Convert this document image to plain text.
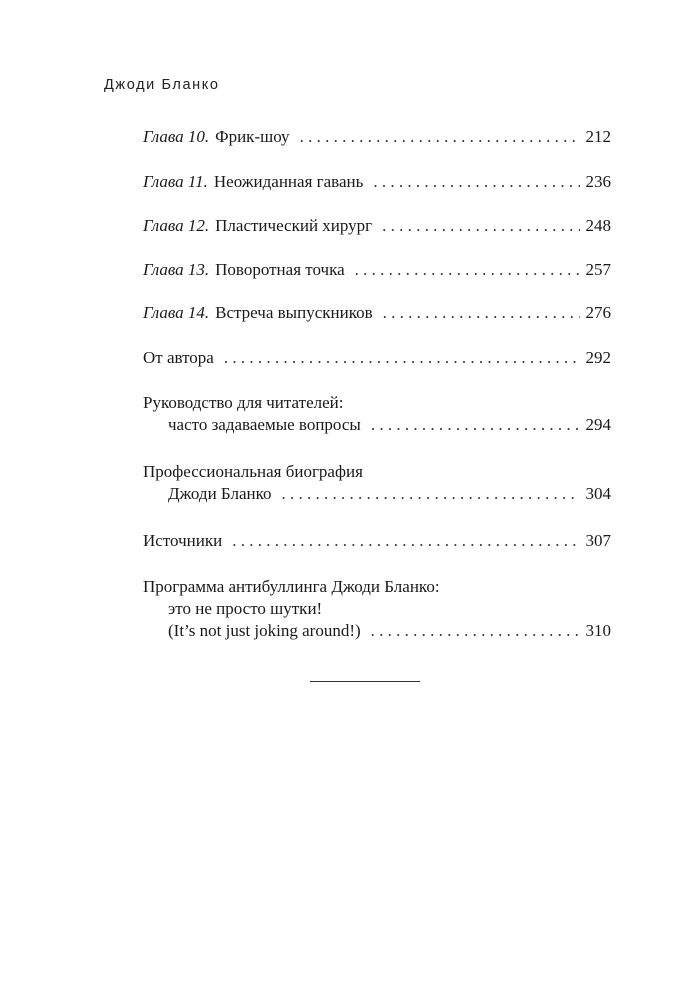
Джоди Бланко
Глава 10. Фрик-шоу . . .	212
Глава 11. Неожиданная гавань . . .	236
Глава 12. Пластический хирург . . .	248
Глава 13. Поворотная точка . . .	257
Глава 14. Встреча выпускников . . .	276
От автора . . .	292
Руководство для читателей:
часто задаваемые вопросы . . .	294
Профессиональная биография
Джоди Бланко . . .	304
Источники . . .	307
Программа антибуллинга Джоди Бланко:
это не просто шутки!
(It’s not just joking around!) . . .	310
